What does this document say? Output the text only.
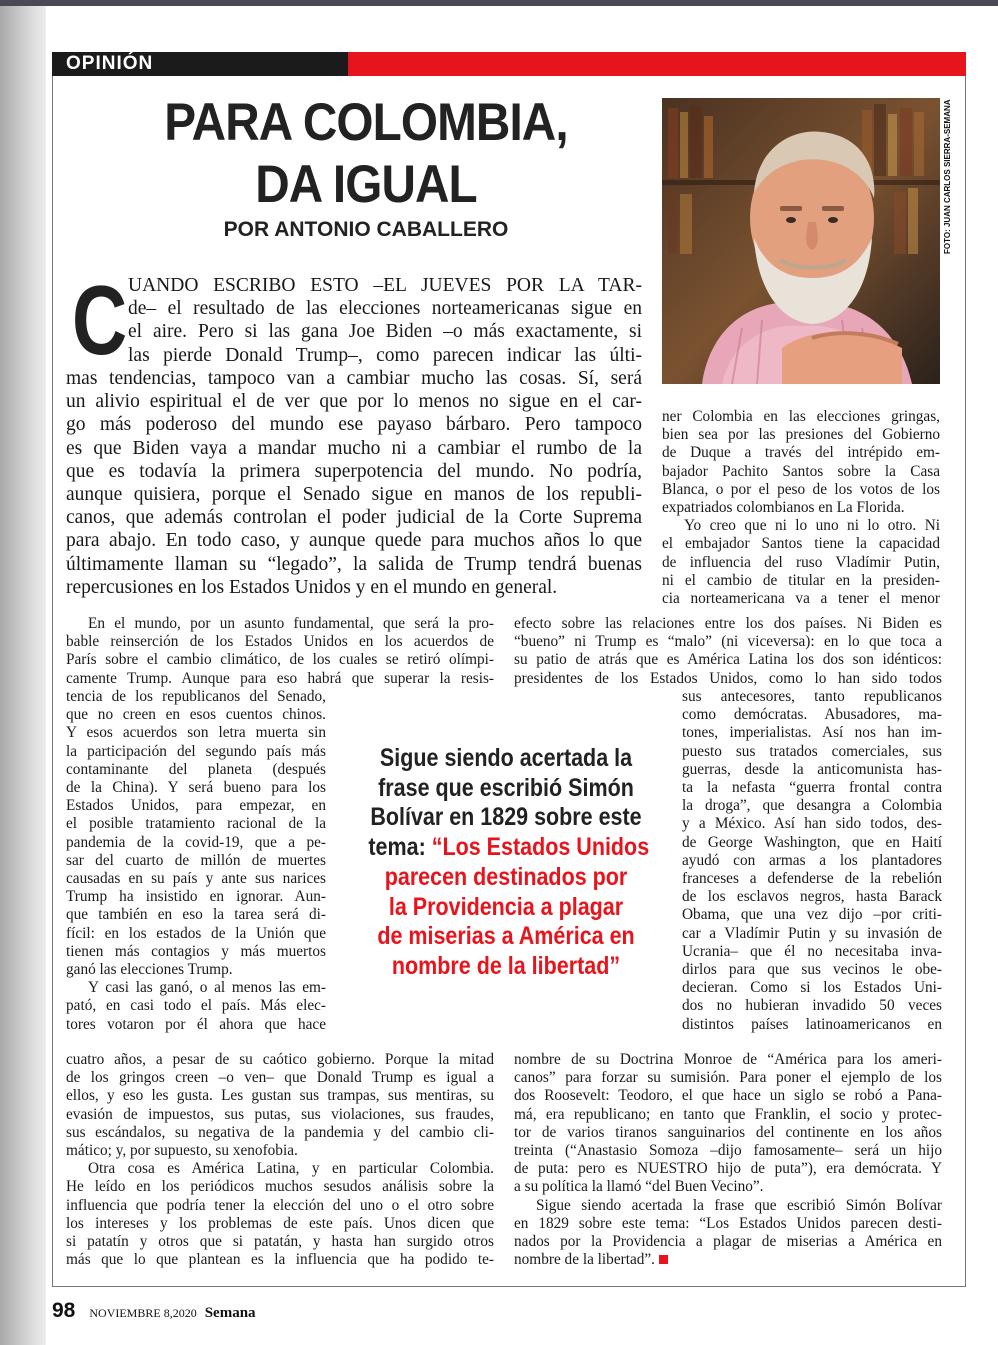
OPINIÓN
PARA COLOMBIA,
DA IGUAL
POR ANTONIO CABALLERO	FOTO: JUAN CARLOS SIERRA-SEMANA
C UANDO ESCRIBO ESTO –EL JUEVES POR LA TAR-
de– el resultado de las elecciones norteamericanas sigue en
el aire. Pero si las gana Joe Biden –o más exactamente, si
las pierde Donald Trump–, como parecen indicar las últi-
mas tendencias, tampoco van a cambiar mucho las cosas. Sí, será
un alivio espiritual el de ver que por lo menos no sigue en el car-
go más poderoso del mundo ese payaso bárbaro. Pero tampoco
es que Biden vaya a mandar mucho ni a cambiar el rumbo de la
que es todavía la primera superpotencia del mundo. No podría,
aunque quisiera, porque el Senado sigue en manos de los republi-
canos, que además controlan el poder judicial de la Corte Suprema
para abajo. En todo caso, y aunque quede para muchos años lo que
últimamente llaman su “legado”, la salida de Trump tendrá buenas
repercusiones en los Estados Unidos y en el mundo en general.
ner Colombia en las elecciones gringas,
bien sea por las presiones del Gobierno
de Duque a través del intrépido em-
bajador Pachito Santos sobre la Casa
Blanca, o por el peso de los votos de los
expatriados colombianos en La Florida.
Yo creo que ni lo uno ni lo otro. Ni
el embajador Santos tiene la capacidad
de influencia del ruso Vladímir Putin,
ni el cambio de titular en la presiden-
cia norteamericana va a tener el menor
En el mundo, por un asunto fundamental, que será la pro-
bable reinserción de los Estados Unidos en los acuerdos de
París sobre el cambio climático, de los cuales se retiró olímpi-
camente Trump. Aunque para eso habrá que superar la resis-
tencia de los republicanos del Senado,
que no creen en esos cuentos chinos.
Y esos acuerdos son letra muerta sin
la participación del segundo país más
contaminante del planeta (después
de la China). Y será bueno para los
Estados Unidos, para empezar, en
el posible tratamiento racional de la
pandemia de la covid-19, que a pe-
sar del cuarto de millón de muertes
causadas en su país y ante sus narices
Trump ha insistido en ignorar. Aun-
que también en eso la tarea será di-
fícil: en los estados de la Unión que
tienen más contagios y más muertos
ganó las elecciones Trump.
Y casi las ganó, o al menos las em-
pató, en casi todo el país. Más elec-
tores votaron por él ahora que hace
cuatro años, a pesar de su caótico gobierno. Porque la mitad
de los gringos creen –o ven– que Donald Trump es igual a
ellos, y eso les gusta. Les gustan sus trampas, sus mentiras, su
evasión de impuestos, sus putas, sus violaciones, sus fraudes,
sus escándalos, su negativa de la pandemia y del cambio cli-
mático; y, por supuesto, su xenofobia.
Otra cosa es América Latina, y en particular Colombia.
He leído en los periódicos muchos sesudos análisis sobre la
influencia que podría tener la elección del uno o el otro sobre
los intereses y los problemas de este país. Unos dicen que
si patatín y otros que si patatán, y hasta han surgido otros
más que lo que plantean es la influencia que ha podido te-
efecto sobre las relaciones entre los dos países. Ni Biden es
“bueno” ni Trump es “malo” (ni viceversa): en lo que toca a
su patio de atrás que es América Latina los dos son idénticos:
presidentes de los Estados Unidos, como lo han sido todos
sus antecesores, tanto republicanos
como demócratas. Abusadores, ma-
tones, imperialistas. Así nos han im-
puesto sus tratados comerciales, sus
guerras, desde la anticomunista has-
ta la nefasta “guerra frontal contra
la droga”, que desangra a Colombia
y a México. Así han sido todos, des-
de George Washington, que en Haití
ayudó con armas a los plantadores
franceses a defenderse de la rebelión
de los esclavos negros, hasta Barack
Obama, que una vez dijo –por criti-
car a Vladímir Putin y su invasión de
Ucrania– que él no necesitaba inva-
dirlos para que sus vecinos le obe-
decieran. Como si los Estados Uni-
dos no hubieran invadido 50 veces
distintos países latinoamericanos en
nombre de su Doctrina Monroe de “América para los ameri-
canos” para forzar su sumisión. Para poner el ejemplo de los
dos Roosevelt: Teodoro, el que hace un siglo se robó a Pana-
má, era republicano; en tanto que Franklin, el socio y protec-
tor de varios tiranos sanguinarios del continente en los años
treinta (“Anastasio Somoza –dijo famosamente– será un hijo
de puta: pero es NUESTRO hijo de puta”), era demócrata. Y
a su política la llamó “del Buen Vecino”.
Sigue siendo acertada la frase que escribió Simón Bolívar
en 1829 sobre este tema: “Los Estados Unidos parecen desti-
nados por la Providencia a plagar de miserias a América en
nombre de la libertad”.
Sigue siendo acertada la
frase que escribió Simón
Bolívar en 1829 sobre este
tema: “Los Estados Unidos
parecen destinados por
la Providencia a plagar
de miserias a América en
nombre de la libertad”
98 NOVIEMBRE 8,2020 Semana
